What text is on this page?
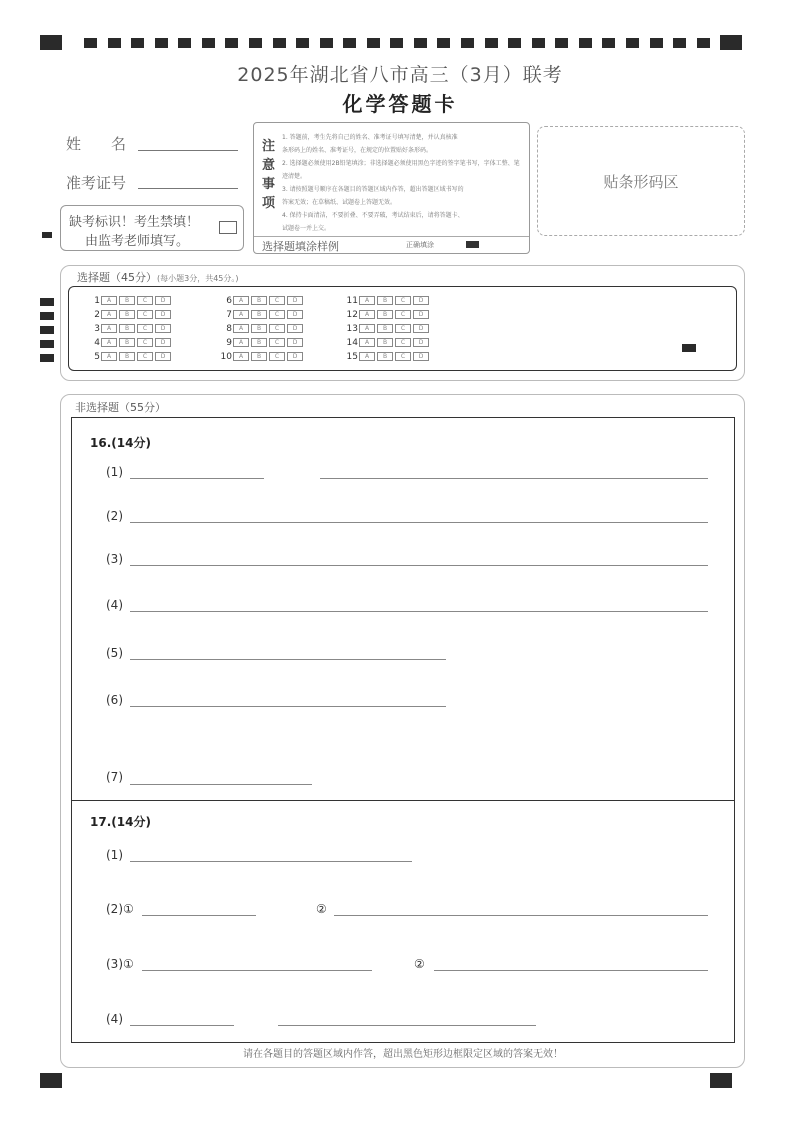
2025年湖北省八市高三（3月）联考
化学答题卡
姓　　名
准考证号
缺考标识！考生禁填！
由监考老师填写。
注意事项
1. 答题前，考生先将自己的姓名、准考证号填写清楚，并认真核准
条形码上的姓名、准考证号，在规定的位置贴好条形码。
2. 选择题必须使用2B铅笔填涂；非选择题必须使用黑色字迹的签字笔书写，字体工整、笔迹清楚。
3. 请按照题号顺序在各题目的答题区域内作答，超出答题区域书写的
答案无效；在草稿纸、试题卷上答题无效。
4. 保持卡面清洁，不要折叠、不要弄破，考试结束后，请将答题卡、
试题卷一并上交。
选择题填涂样例	正确填涂
贴条形码区
选择题（45分）(每小题3分，共45分。)
1 A B C D
2 A B C D
3 A B C D
4 A B C D
5 A B C D
6 A B C D
7 A B C D
8 A B C D
9 A B C D
10 A B C D
11 A B C D
12 A B C D
13 A B C D
14 A B C D
15 A B C D
非选择题（55分）
16.(14分)
(1)
(2)
(3)
(4)
(5)
(6)
(7)
17.(14分)
(1)
(2)①	②
(3)①	②
(4)
请在各题目的答题区域内作答，超出黑色矩形边框限定区域的答案无效！
